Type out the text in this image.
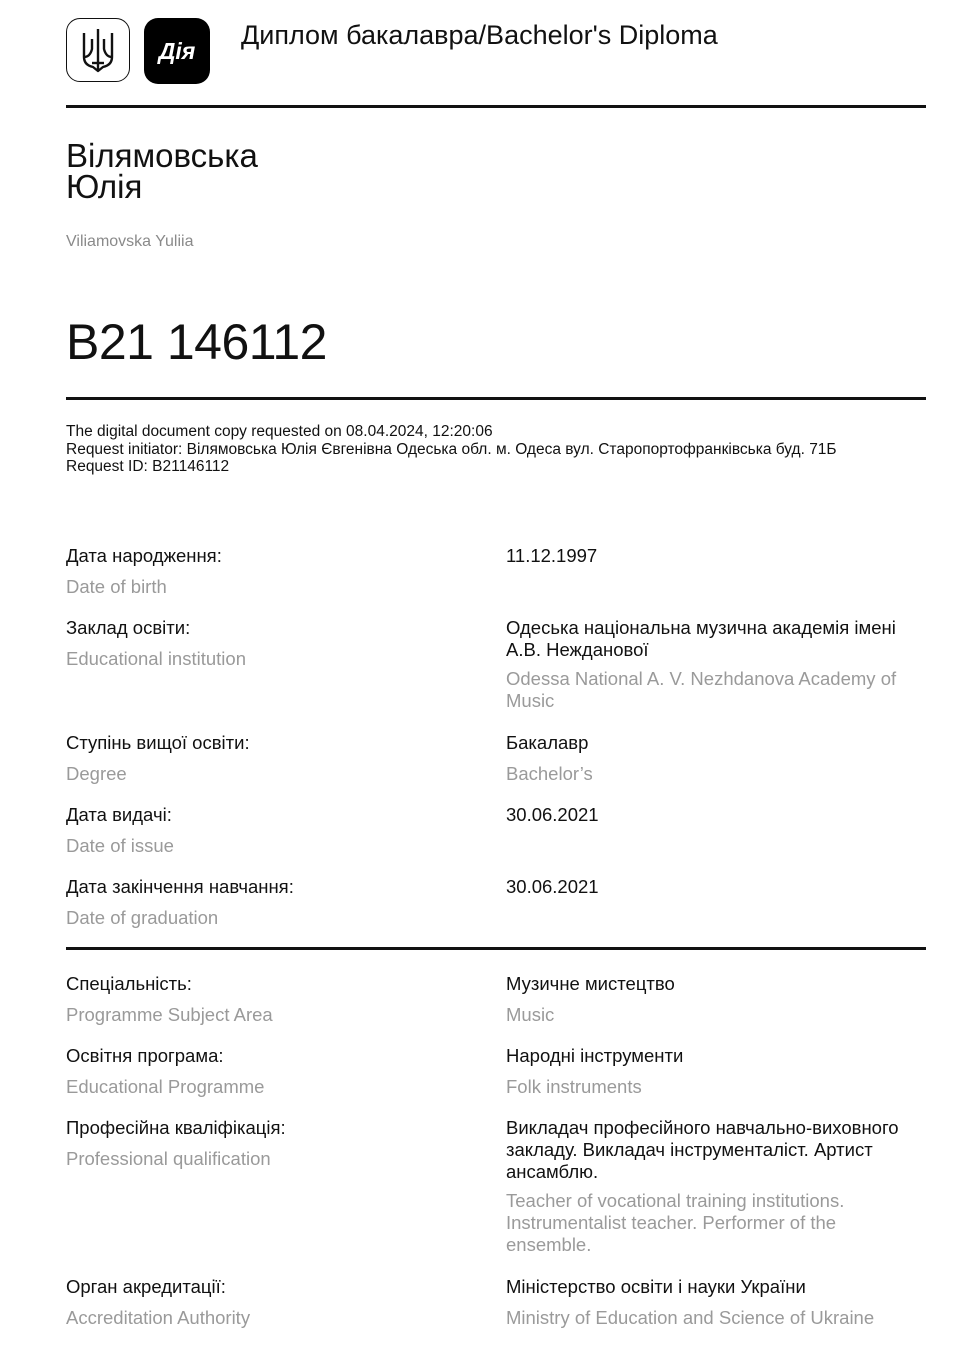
Дія
Диплом бакалавра/Bachelor's Diploma
Вілямовська
Юлія
Viliamovska Yuliia
B21 146112
The digital document copy requested on 08.04.2024, 12:20:06
Request initiator: Вілямовська Юлія Євгенівна Одеська обл. м. Одеса вул. Старопортофранківська буд. 71Б
Request ID: B21146112
Дата народження:
Date of birth
11.12.1997
Заклад освіти:
Educational institution
Одеська національна музична академія імені А.В. Нежданової
Odessa National A. V. Nezhdanova Academy of Music
Ступінь вищої освіти:
Degree
Бакалавр
Bachelor’s
Дата видачі:
Date of issue
30.06.2021
Дата закінчення навчання:
Date of graduation
30.06.2021
Спеціальність:
Programme Subject Area
Музичне мистецтво
Music
Освітня програма:
Educational Programme
Народні інструменти
Folk instruments
Професійна кваліфікація:
Professional qualification
Викладач професійного навчально-виховного закладу. Викладач інструменталіст. Артист ансамблю.
Teacher of vocational training institutions. Instrumentalist teacher. Performer of the ensemble.
Орган акредитації:
Accreditation Authority
Міністерство освіти і науки України
Ministry of Education and Science of Ukraine
